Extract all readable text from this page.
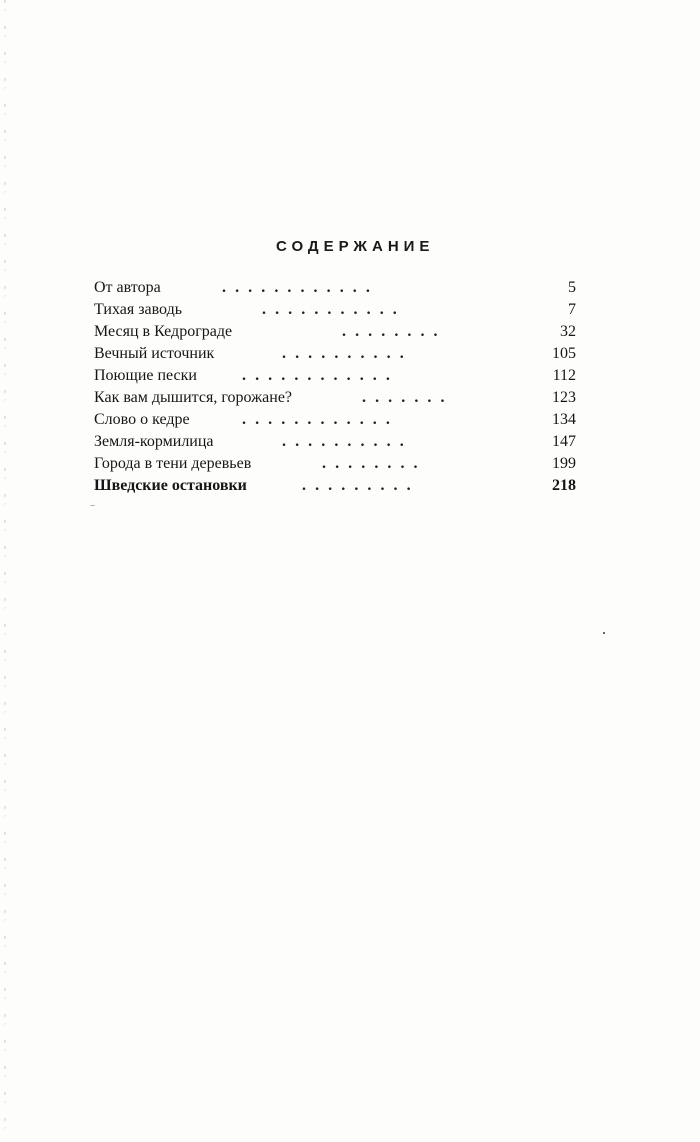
СОДЕРЖАНИЕ
От автора	.    .    .    .    .    .    .    .    .    .    .    .	5
Тихая заводь	.    .    .    .    .    .    .    .    .    .    .	7
Месяц в Кедрограде	.    .    .    .    .    .    .    .	32
Вечный источник	.    .    .    .    .    .    .    .    .    .	105
Поющие пески	.    .    .    .    .    .    .    .    .    .    .    .	112
Как вам дышится, горожане?	.    .    .    .    .    .    .	123
Слово о кедре	.    .    .    .    .    .    .    .    .    .    .    .	134
Земля-кормилица	.    .    .    .    .    .    .    .    .    .	147
Города в тени деревьев	.    .    .    .    .    .    .    .	199
Шведские остановки	.    .    .    .    .    .    .    .    .	218
